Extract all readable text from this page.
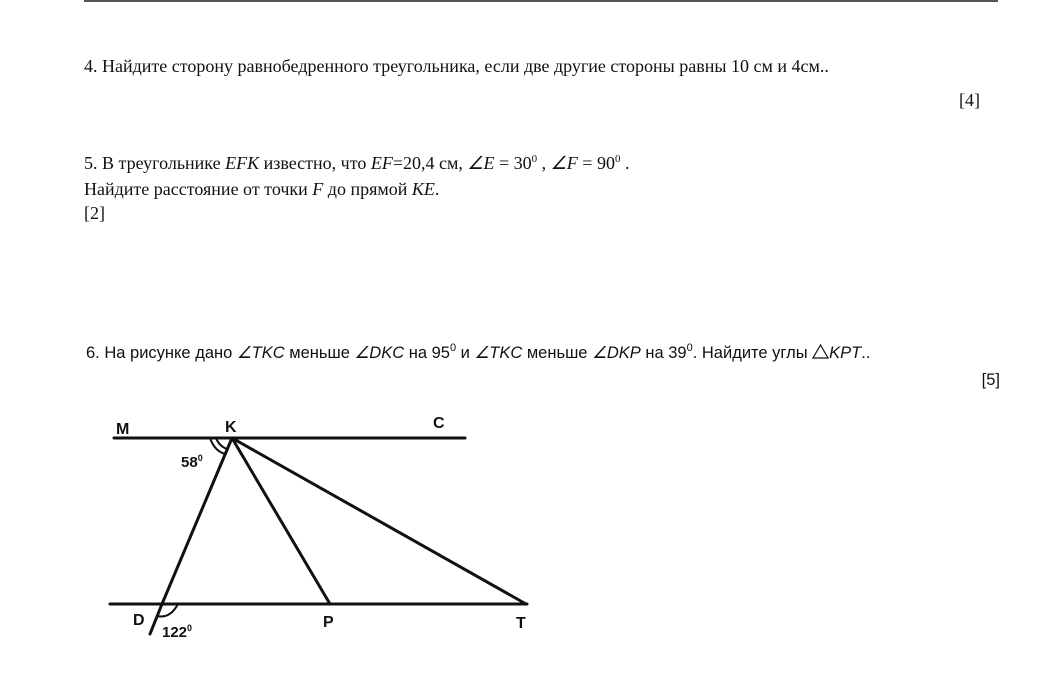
4. Найдите сторону равнобедренного треугольника, если две другие стороны равны 10 см и 4см..
[4]
5. В треугольнике EFK известно, что EF=20,4 см, ∠E = $30^0$ , ∠F = $90^0$ .
Найдите расстояние от точки F до прямой KE.
[2]
6. На рисунке дано ∠TKC меньше ∠DKC на $95^0$ и ∠TKC меньше ∠DKP на $39^0$. Найдите углы KPT..
[5]
M	K	C
D	P	T
$58^0$
$122^0$
